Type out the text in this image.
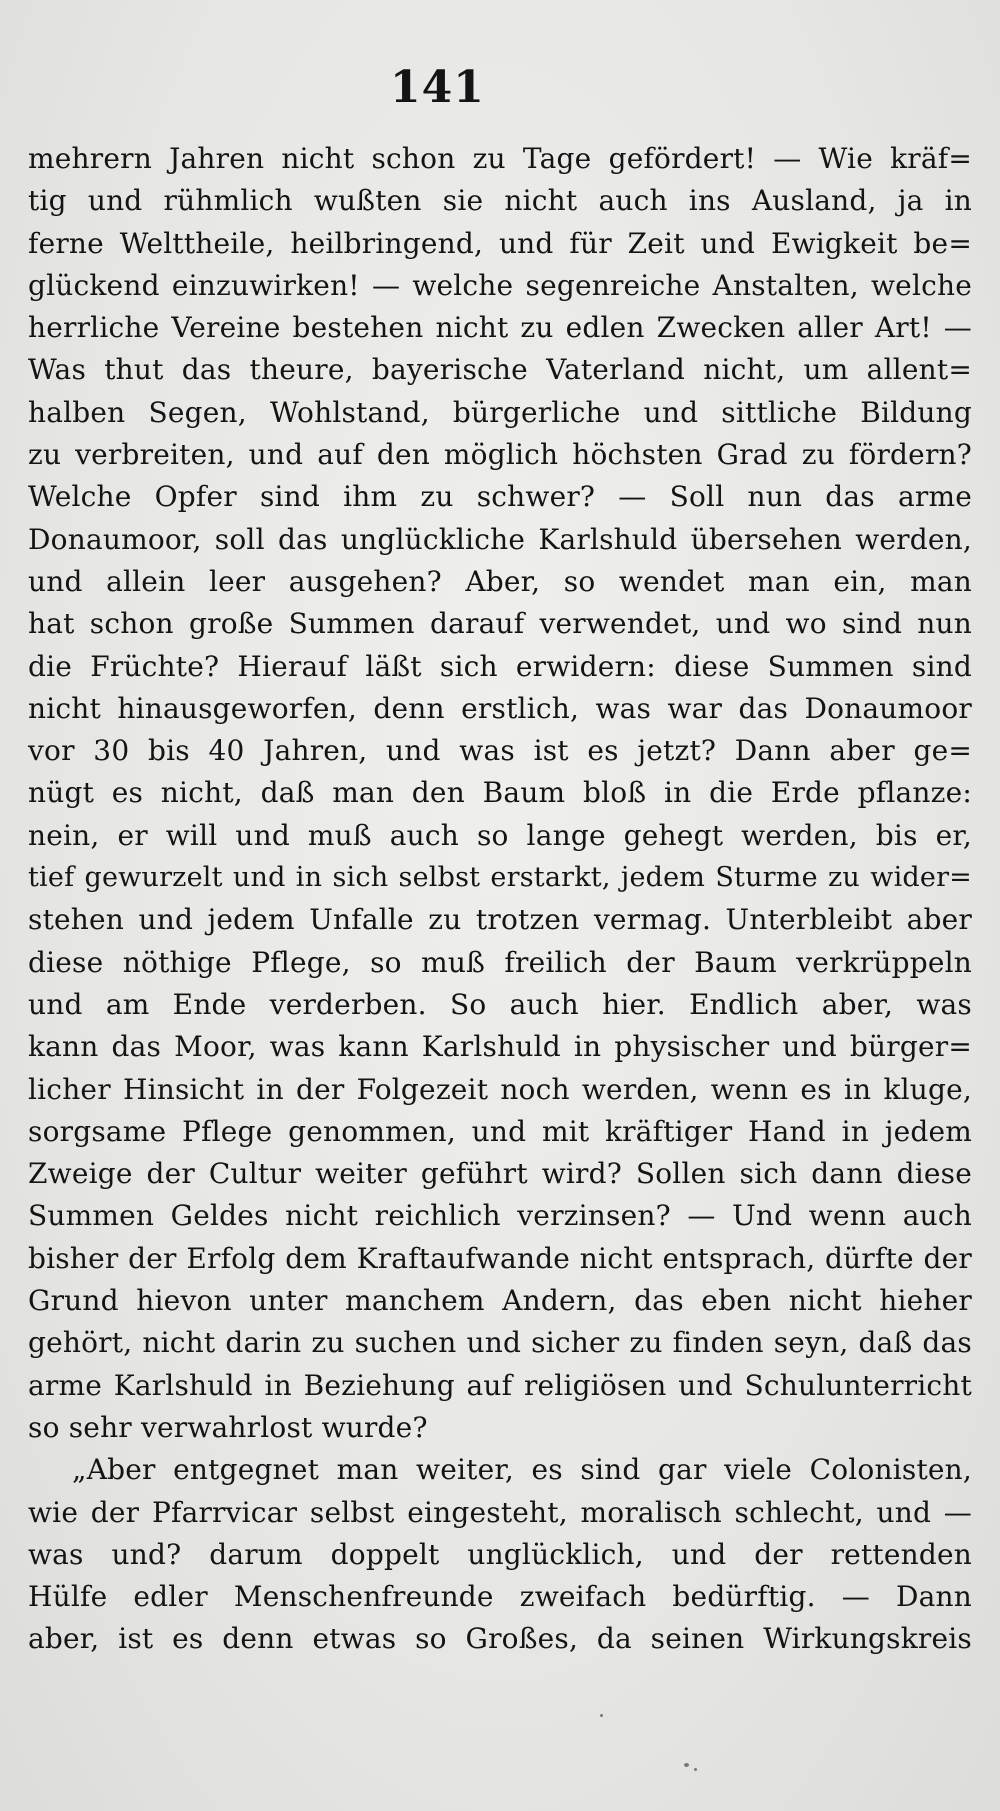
141
mehrern Jahren nicht schon zu Tage gefördert! — Wie kräf=
tig und rühmlich wußten sie nicht auch ins Ausland, ja in
ferne Welttheile, heilbringend, und für Zeit und Ewigkeit be=
glückend einzuwirken! — welche segenreiche Anstalten, welche
herrliche Vereine bestehen nicht zu edlen Zwecken aller Art! —
Was thut das theure, bayerische Vaterland nicht, um allent=
halben Segen, Wohlstand, bürgerliche und sittliche Bildung
zu verbreiten, und auf den möglich höchsten Grad zu fördern?
Welche Opfer sind ihm zu schwer? — Soll nun das arme
Donaumoor, soll das unglückliche Karlshuld übersehen werden,
und allein leer ausgehen? Aber, so wendet man ein, man
hat schon große Summen darauf verwendet, und wo sind nun
die Früchte? Hierauf läßt sich erwidern: diese Summen sind
nicht hinausgeworfen, denn erstlich, was war das Donaumoor
vor 30 bis 40 Jahren, und was ist es jetzt? Dann aber ge=
nügt es nicht, daß man den Baum bloß in die Erde pflanze:
nein, er will und muß auch so lange gehegt werden, bis er,
tief gewurzelt und in sich selbst erstarkt, jedem Sturme zu wider=
stehen und jedem Unfalle zu trotzen vermag. Unterbleibt aber
diese nöthige Pflege, so muß freilich der Baum verkrüppeln
und am Ende verderben. So auch hier. Endlich aber, was
kann das Moor, was kann Karlshuld in physischer und bürger=
licher Hinsicht in der Folgezeit noch werden, wenn es in kluge,
sorgsame Pflege genommen, und mit kräftiger Hand in jedem
Zweige der Cultur weiter geführt wird? Sollen sich dann diese
Summen Geldes nicht reichlich verzinsen? — Und wenn auch
bisher der Erfolg dem Kraftaufwande nicht entsprach, dürfte der
Grund hievon unter manchem Andern, das eben nicht hieher
gehört, nicht darin zu suchen und sicher zu finden seyn, daß das
arme Karlshuld in Beziehung auf religiösen und Schulunterricht
so sehr verwahrlost wurde?
„Aber entgegnet man weiter, es sind gar viele Colonisten,
wie der Pfarrvicar selbst eingesteht, moralisch schlecht, und —
was und? darum doppelt unglücklich, und der rettenden
Hülfe edler Menschenfreunde zweifach bedürftig. — Dann
aber, ist es denn etwas so Großes, da seinen Wirkungskreis
